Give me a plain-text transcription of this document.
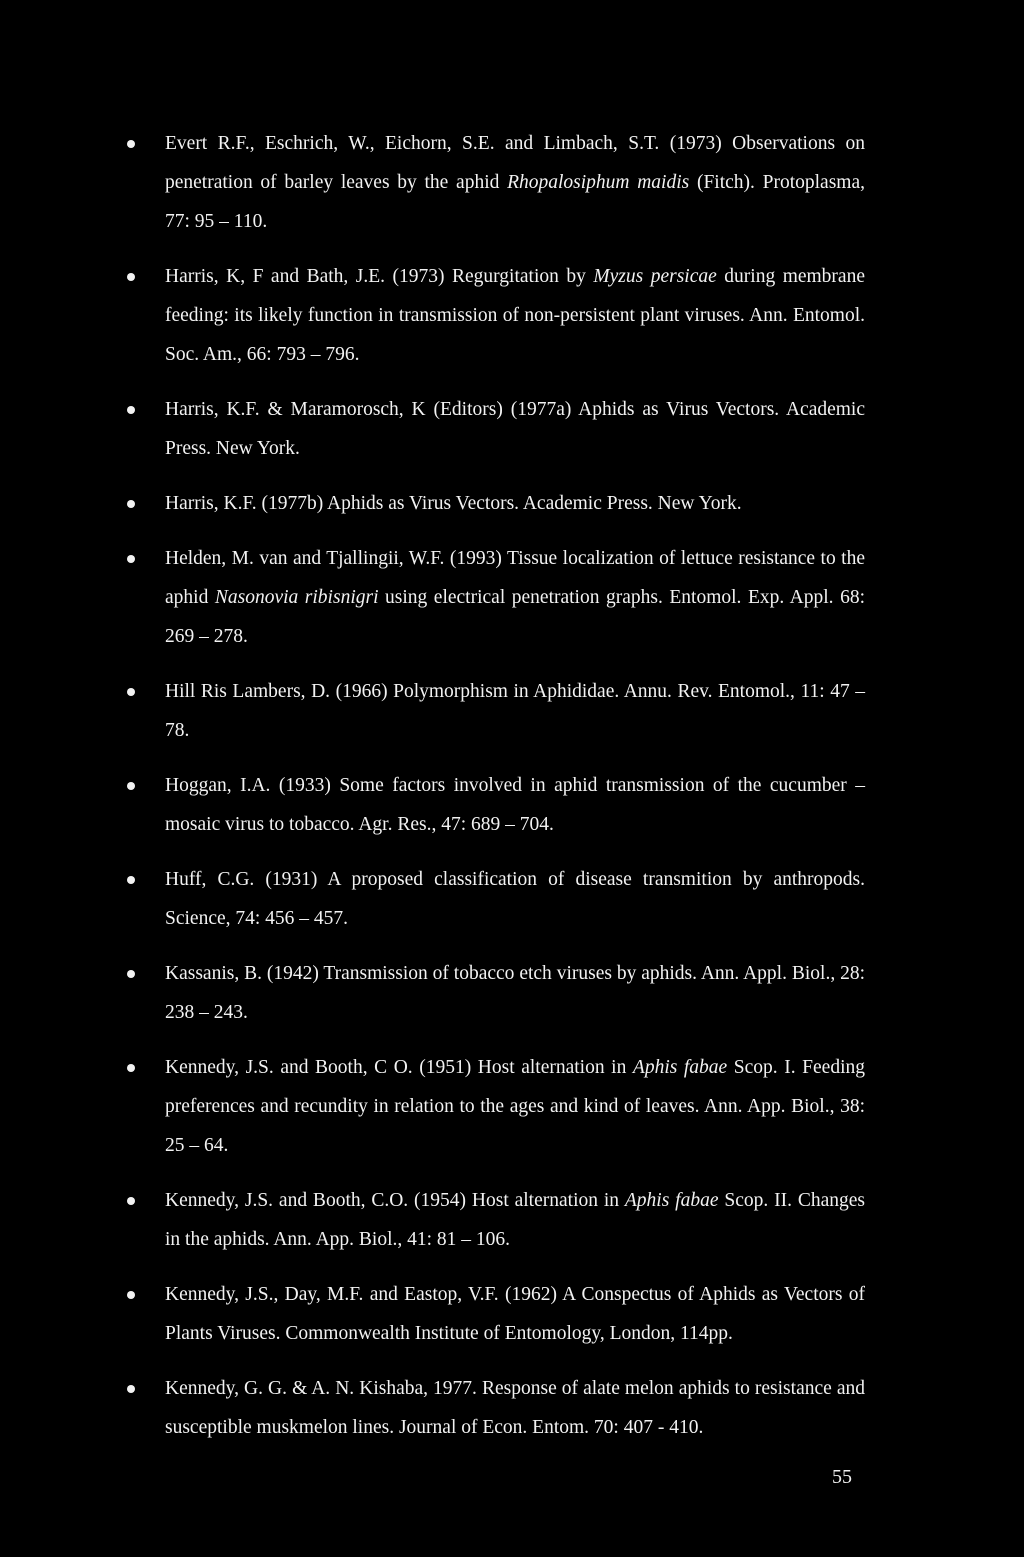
Evert R.F., Eschrich, W., Eichorn, S.E. and Limbach, S.T. (1973) Observations on penetration of barley leaves by the aphid Rhopalosiphum maidis (Fitch). Protoplasma, 77: 95 – 110.
Harris, K, F and Bath, J.E. (1973) Regurgitation by Myzus persicae during membrane feeding: its likely function in transmission of non-persistent plant viruses. Ann. Entomol. Soc. Am., 66: 793 – 796.
Harris, K.F. & Maramorosch, K (Editors) (1977a) Aphids as Virus Vectors. Academic Press. New York.
Harris, K.F. (1977b) Aphids as Virus Vectors. Academic Press. New York.
Helden, M. van and Tjallingii, W.F. (1993) Tissue localization of lettuce resistance to the aphid Nasonovia ribisnigri using electrical penetration graphs. Entomol. Exp. Appl. 68: 269 – 278.
Hill Ris Lambers, D. (1966) Polymorphism in Aphididae. Annu. Rev. Entomol., 11: 47 – 78.
Hoggan, I.A. (1933) Some factors involved in aphid transmission of the cucumber – mosaic virus to tobacco. Agr. Res., 47: 689 – 704.
Huff, C.G. (1931) A proposed classification of disease transmition by anthropods. Science, 74: 456 – 457.
Kassanis, B. (1942) Transmission of tobacco etch viruses by aphids. Ann. Appl. Biol., 28: 238 – 243.
Kennedy, J.S. and Booth, C O. (1951) Host alternation in Aphis fabae Scop. I. Feeding preferences and recundity in relation to the ages and kind of leaves. Ann. App. Biol., 38: 25 – 64.
Kennedy, J.S. and Booth, C.O. (1954) Host alternation in Aphis fabae Scop. II. Changes in the aphids. Ann. App. Biol., 41: 81 – 106.
Kennedy, J.S., Day, M.F. and Eastop, V.F. (1962) A Conspectus of Aphids as Vectors of Plants Viruses. Commonwealth Institute of Entomology, London, 114pp.
Kennedy, G. G. & A. N. Kishaba, 1977. Response of alate melon aphids to resistance and susceptible muskmelon lines. Journal of Econ. Entom. 70: 407 - 410.
55
